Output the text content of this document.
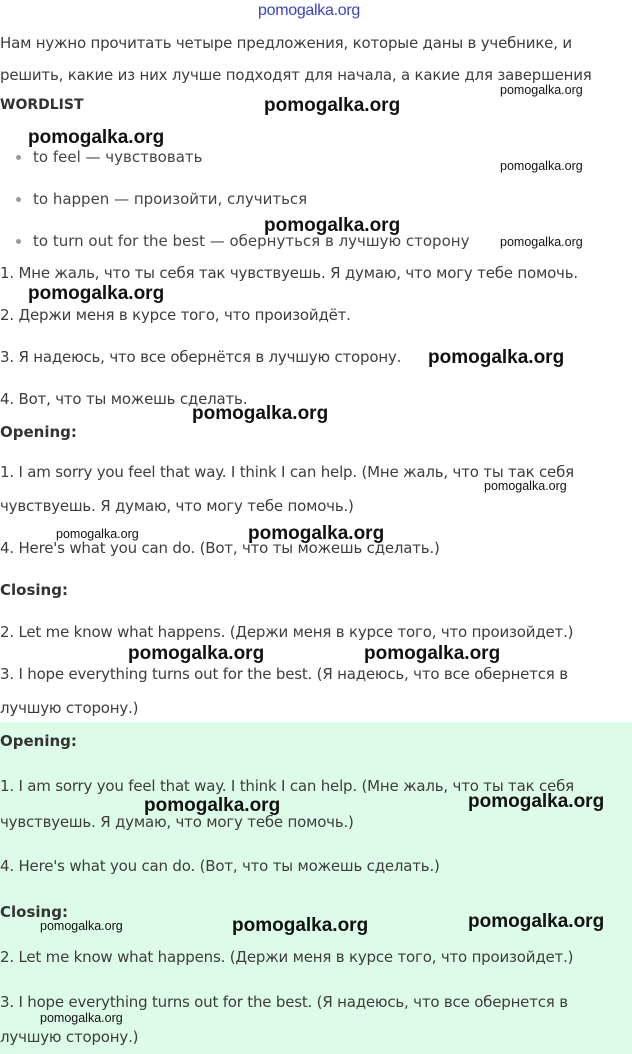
pomogalka.org
Нам нужно прочитать четыре предложения, которые даны в учебнике, и
решить, какие из них лучше подходят для начала, а какие для завершения
WORDLIST
to feel — чувствовать
to happen — произойти, случиться
to turn out for the best — обернуться в лучшую сторону
1. Мне жаль, что ты себя так чувствуешь. Я думаю, что могу тебе помочь.
2. Держи меня в курсе того, что произойдёт.
3. Я надеюсь, что все обернётся в лучшую сторону.
4. Вот, что ты можешь сделать.
Opening:
1. I am sorry you feel that way. I think I can help. (Мне жаль, что ты так себя
чувствуешь. Я думаю, что могу тебе помочь.)
4. Here's what you can do. (Вот, что ты можешь сделать.)
Closing:
2. Let me know what happens. (Держи меня в курсе того, что произойдет.)
3. I hope everything turns out for the best. (Я надеюсь, что все обернется в
лучшую сторону.)
Opening:
1. I am sorry you feel that way. I think I can help. (Мне жаль, что ты так себя
чувствуешь. Я думаю, что могу тебе помочь.)
4. Here's what you can do. (Вот, что ты можешь сделать.)
Closing:
2. Let me know what happens. (Держи меня в курсе того, что произойдет.)
3. I hope everything turns out for the best. (Я надеюсь, что все обернется в
лучшую сторону.)
pomogalka.org
pomogalka.org
pomogalka.org
pomogalka.org
pomogalka.org
pomogalka.org
pomogalka.org
pomogalka.org
pomogalka.org
pomogalka.org
pomogalka.org	pomogalka.org
pomogalka.org	pomogalka.org
pomogalka.org	pomogalka.org
pomogalka.org	pomogalka.org	pomogalka.org
pomogalka.org
